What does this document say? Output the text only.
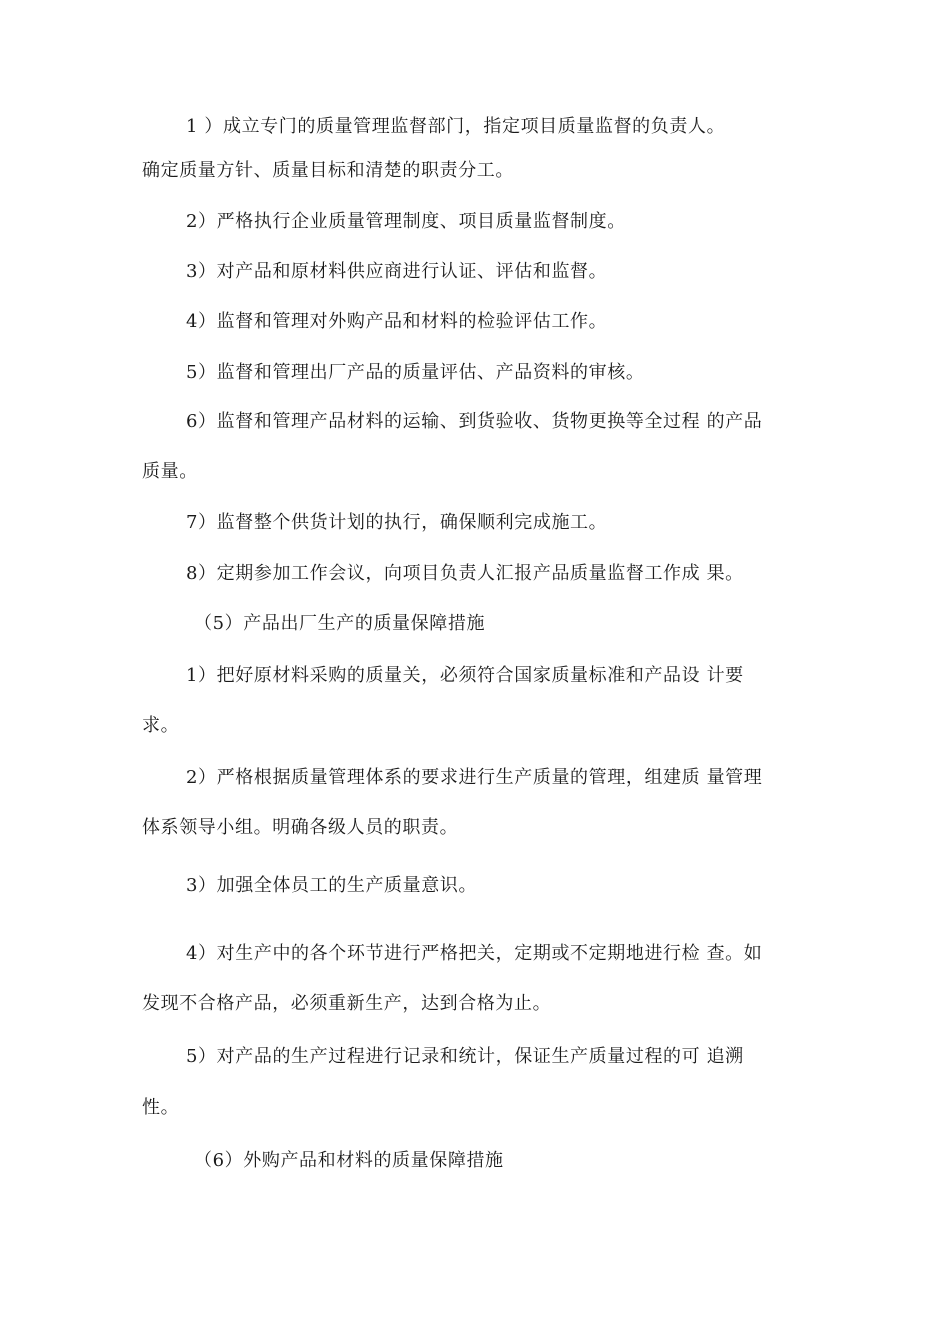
1 ）成立专门的质量管理监督部门，指定项目质量监督的负责人。
确定质量方针、质量目标和清楚的职责分工。
2）严格执行企业质量管理制度、项目质量监督制度。
3）对产品和原材料供应商进行认证、评估和监督。
4）监督和管理对外购产品和材料的检验评估工作。
5）监督和管理出厂产品的质量评估、产品资料的审核。
6）监督和管理产品材料的运输、到货验收、货物更换等全过程 的产品
质量。
7）监督整个供货计划的执行，确保顺利完成施工。
8）定期参加工作会议，向项目负责人汇报产品质量监督工作成 果。
（5）产品出厂生产的质量保障措施
1）把好原材料采购的质量关，必须符合国家质量标准和产品设 计要
求。
2）严格根据质量管理体系的要求进行生产质量的管理，组建质 量管理
体系领导小组。明确各级人员的职责。
3）加强全体员工的生产质量意识。
4）对生产中的各个环节进行严格把关，定期或不定期地进行检 查。如
发现不合格产品，必须重新生产，达到合格为止。
5）对产品的生产过程进行记录和统计，保证生产质量过程的可 追溯
性。
（6）外购产品和材料的质量保障措施
